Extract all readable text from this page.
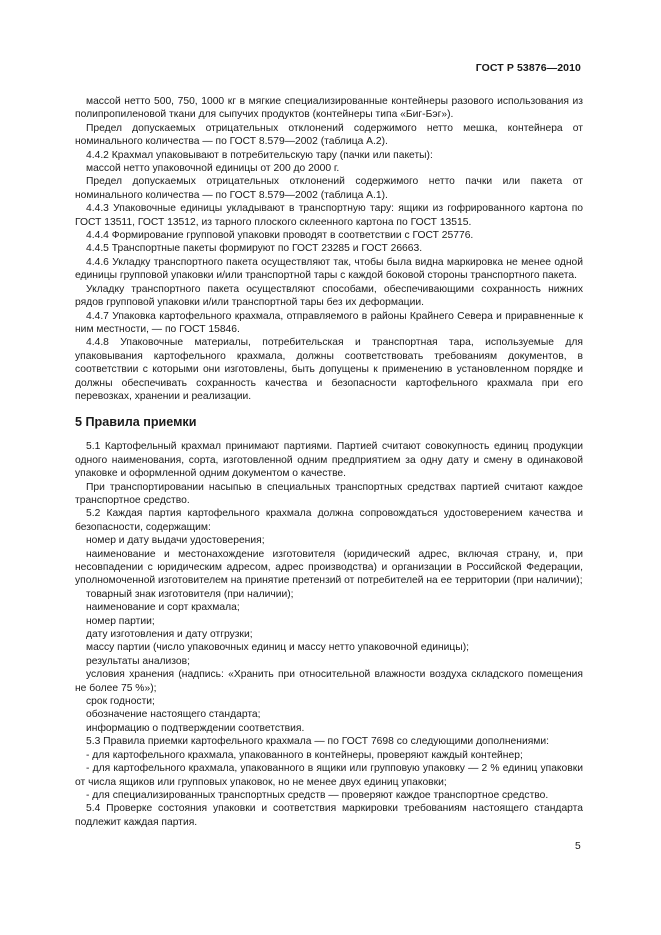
ГОСТ Р 53876—2010

массой нетто 500, 750, 1000 кг в мягкие специализированные контейнеры разового использования из полипропиленовой ткани для сыпучих продуктов (контейнеры типа «Биг-Бэг»).

Предел допускаемых отрицательных отклонений содержимого нетто мешка, контейнера от номинального количества — по ГОСТ 8.579—2002 (таблица А.2).

4.4.2 Крахмал упаковывают в потребительскую тару (пачки или пакеты):

массой нетто упаковочной единицы от 200 до 2000 г.

Предел допускаемых отрицательных отклонений содержимого нетто пачки или пакета от номинального количества — по ГОСТ 8.579—2002 (таблица А.1).

4.4.3 Упаковочные единицы укладывают в транспортную тару: ящики из гофрированного картона по ГОСТ 13511, ГОСТ 13512, из тарного плоского склеенного картона по ГОСТ 13515.

4.4.4 Формирование групповой упаковки проводят в соответствии с ГОСТ 25776.

4.4.5 Транспортные пакеты формируют по ГОСТ 23285 и ГОСТ 26663.

4.4.6 Укладку транспортного пакета осуществляют так, чтобы была видна маркировка не менее одной единицы групповой упаковки и/или транспортной тары с каждой боковой стороны транспортного пакета.

Укладку транспортного пакета осуществляют способами, обеспечивающими сохранность нижних рядов групповой упаковки и/или транспортной тары без их деформации.

4.4.7 Упаковка картофельного крахмала, отправляемого в районы Крайнего Севера и приравненные к ним местности, — по ГОСТ 15846.

4.4.8 Упаковочные материалы, потребительская и транспортная тара, используемые для упаковывания картофельного крахмала, должны соответствовать требованиям документов, в соответствии с которыми они изготовлены, быть допущены к применению в установленном порядке и должны обеспечивать сохранность качества и безопасности картофельного крахмала при его перевозках, хранении и реализации.

5 Правила приемки

5.1 Картофельный крахмал принимают партиями. Партией считают совокупность единиц продукции одного наименования, сорта, изготовленной одним предприятием за одну дату и смену в одинаковой упаковке и оформленной одним документом о качестве.

При транспортировании насыпью в специальных транспортных средствах партией считают каждое транспортное средство.

5.2 Каждая партия картофельного крахмала должна сопровождаться удостоверением качества и безопасности, содержащим:

номер и дату выдачи удостоверения;

наименование и местонахождение изготовителя (юридический адрес, включая страну, и, при несовпадении с юридическим адресом, адрес производства) и организации в Российской Федерации, уполномоченной изготовителем на принятие претензий от потребителей на ее территории (при наличии);

товарный знак изготовителя (при наличии);

наименование и сорт крахмала;

номер партии;

дату изготовления и дату отгрузки;

массу партии (число упаковочных единиц и массу нетто упаковочной единицы);

результаты анализов;

условия хранения (надпись: «Хранить при относительной влажности воздуха складского помещения не более 75 %»);

срок годности;

обозначение настоящего стандарта;

информацию о подтверждении соответствия.

5.3 Правила приемки картофельного крахмала — по ГОСТ 7698 со следующими дополнениями:

- для картофельного крахмала, упакованного в контейнеры, проверяют каждый контейнер;

- для картофельного крахмала, упакованного в ящики или групповую упаковку — 2 % единиц упаковки от числа ящиков или групповых упаковок, но не менее двух единиц упаковки;

- для специализированных транспортных средств — проверяют каждое транспортное средство.

5.4 Проверке состояния упаковки и соответствия маркировки требованиям настоящего стандарта подлежит каждая партия.

5
